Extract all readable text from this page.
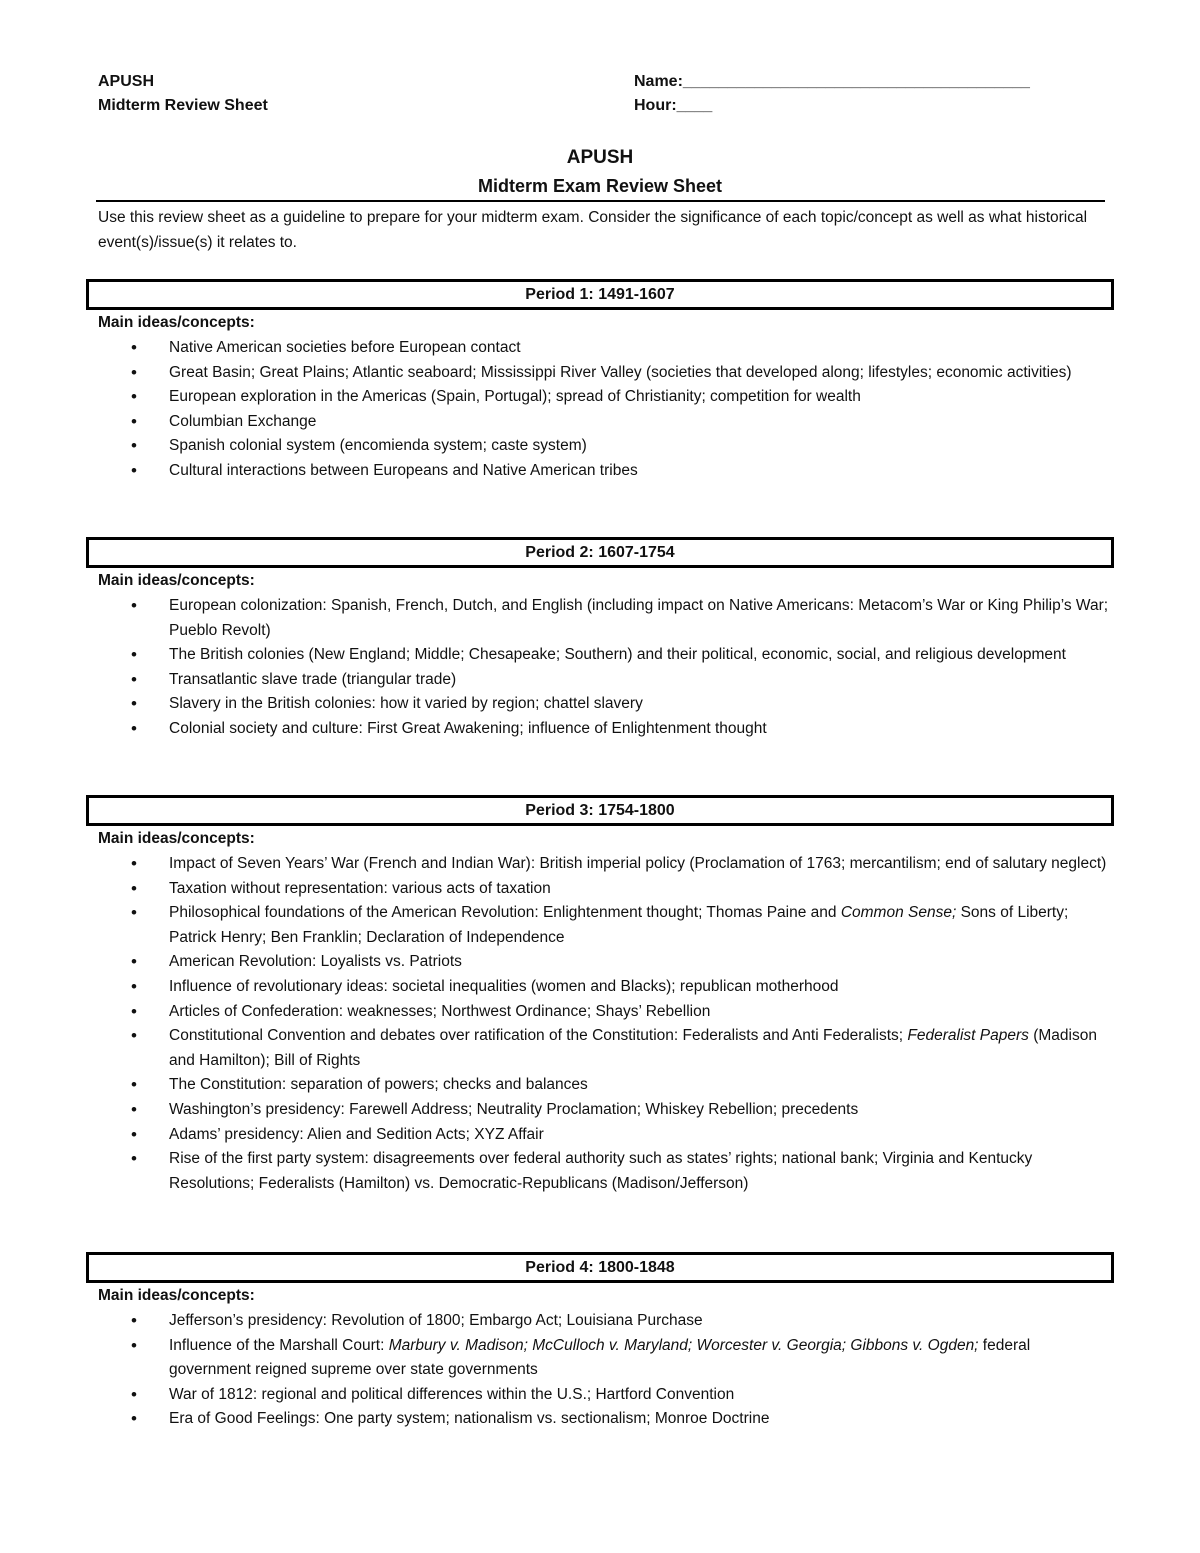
APUSH
Midterm Review Sheet
Name:_______________________________________
Hour:____
APUSH
Midterm Exam Review Sheet
Use this review sheet as a guideline to prepare for your midterm exam. Consider the significance of each topic/concept as well as what historical event(s)/issue(s) it relates to.
Period 1: 1491-1607
Main ideas/concepts:
• Native American societies before European contact
• Great Basin; Great Plains; Atlantic seaboard; Mississippi River Valley (societies that developed along; lifestyles; economic activities)
• European exploration in the Americas (Spain, Portugal); spread of Christianity; competition for wealth
• Columbian Exchange
• Spanish colonial system (encomienda system; caste system)
• Cultural interactions between Europeans and Native American tribes
Period 2: 1607-1754
Main ideas/concepts:
• European colonization: Spanish, French, Dutch, and English (including impact on Native Americans: Metacom’s War or King Philip’s War; Pueblo Revolt)
• The British colonies (New England; Middle; Chesapeake; Southern) and their political, economic, social, and religious development
• Transatlantic slave trade (triangular trade)
• Slavery in the British colonies: how it varied by region; chattel slavery
• Colonial society and culture: First Great Awakening; influence of Enlightenment thought
Period 3: 1754-1800
Main ideas/concepts:
• Impact of Seven Years’ War (French and Indian War): British imperial policy (Proclamation of 1763; mercantilism; end of salutary neglect)
• Taxation without representation: various acts of taxation
• Philosophical foundations of the American Revolution: Enlightenment thought; Thomas Paine and Common Sense; Sons of Liberty; Patrick Henry; Ben Franklin; Declaration of Independence
• American Revolution: Loyalists vs. Patriots
• Influence of revolutionary ideas: societal inequalities (women and Blacks); republican motherhood
• Articles of Confederation: weaknesses; Northwest Ordinance; Shays’ Rebellion
• Constitutional Convention and debates over ratification of the Constitution: Federalists and Anti Federalists; Federalist Papers (Madison and Hamilton); Bill of Rights
• The Constitution: separation of powers; checks and balances
• Washington’s presidency: Farewell Address; Neutrality Proclamation; Whiskey Rebellion; precedents
• Adams’ presidency: Alien and Sedition Acts; XYZ Affair
• Rise of the first party system: disagreements over federal authority such as states’ rights; national bank; Virginia and Kentucky Resolutions; Federalists (Hamilton) vs. Democratic-Republicans (Madison/Jefferson)
Period 4: 1800-1848
Main ideas/concepts:
• Jefferson’s presidency: Revolution of 1800; Embargo Act; Louisiana Purchase
• Influence of the Marshall Court: Marbury v. Madison; McCulloch v. Maryland; Worcester v. Georgia; Gibbons v. Ogden; federal government reigned supreme over state governments
• War of 1812: regional and political differences within the U.S.; Hartford Convention
• Era of Good Feelings: One party system; nationalism vs. sectionalism; Monroe Doctrine
